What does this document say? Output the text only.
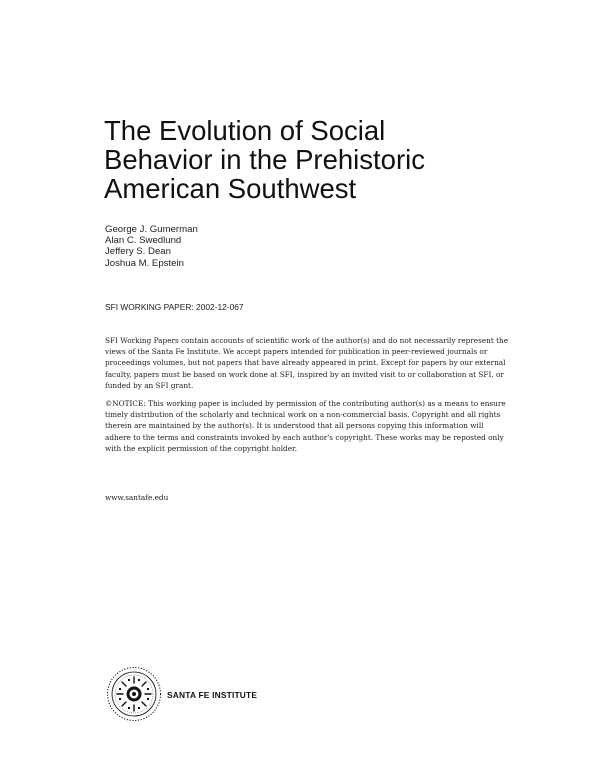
The Evolution of Social
Behavior in the Prehistoric
American Southwest
George J. Gumerman
Alan C. Swedlund
Jeffery S. Dean
Joshua M. Epstein
SFI WORKING PAPER: 2002-12-067

SFI Working Papers contain accounts of scientific work of the author(s) and do not necessarily represent the
views of the Santa Fe Institute. We accept papers intended for publication in peer-reviewed journals or
proceedings volumes, but not papers that have already appeared in print. Except for papers by our external
faculty, papers must be based on work done at SFI, inspired by an invited visit to or collaboration at SFI, or
funded by an SFI grant.

©NOTICE: This working paper is included by permission of the contributing author(s) as a means to ensure
timely distribution of the scholarly and technical work on a non-commercial basis. Copyright and all rights
therein are maintained by the author(s). It is understood that all persons copying this information will
adhere to the terms and constraints invoked by each author's copyright. These works may be reposted only
with the explicit permission of the copyright holder.

www.santafe.edu
SANTA FE INSTITUTE
